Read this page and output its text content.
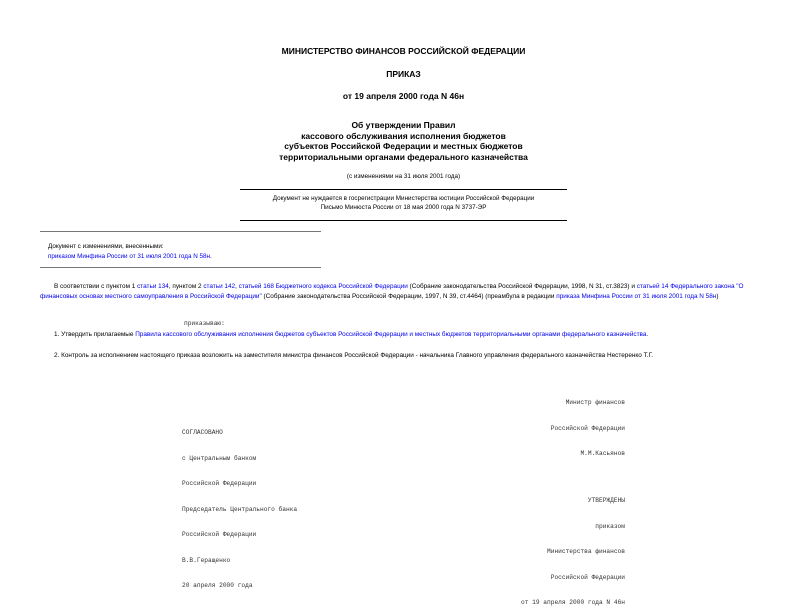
МИНИСТЕРСТВО ФИНАНСОВ РОССИЙСКОЙ ФЕДЕРАЦИИ
ПРИКАЗ
от 19 апреля 2000 года N 46н
Об утверждении Правил
кассового обслуживания исполнения бюджетов
субъектов Российской Федерации и местных бюджетов
территориальными органами федерального казначейства
(с изменениями на 31 июля 2001 года)
Документ не нуждается в госрегистрации Министерства юстиции Российской Федерации
Письмо Минюста России от 18 мая 2000 года N 3737-ЭР
Документ с изменениями, внесенными:
приказом Минфина России от 31 июля 2001 года N 58н.
В соответствии с пунктом 1 статьи 134, пунктом 2 статьи 142, статьей 168 Бюджетного кодекса Российской Федерации (Собрание законодательства Российской Федерации, 1998, N 31, ст.3823) и статьей 14 Федерального закона "О финансовых основах местного самоуправления в Российской Федерации" (Собрание законодательства Российской Федерации, 1997, N 39, ст.4464) (преамбула в редакции приказа Минфина России от 31 июля 2001 года N 58н)
приказываю:
1. Утвердить прилагаемые Правила кассового обслуживания исполнения бюджетов субъектов Российской Федерации и местных бюджетов территориальными органами федерального казначейства.
2. Контроль за исполнением настоящего приказа возложить на заместителя министра финансов Российской Федерации - начальника Главного управления федерального казначейства Нестеренко Т.Г.

Министр финансов

Российской Федерации

М.М.Касьянов

СОГЛАСОВАНО

с Центральным банком

Российской Федерации

Председатель Центрального банка

Российской Федерации

В.В.Геращенко

20 апреля 2000 года

УТВЕРЖДЕНЫ

приказом

Министерства финансов

Российской Федерации

от 19 апреля 2000 года N 46н
